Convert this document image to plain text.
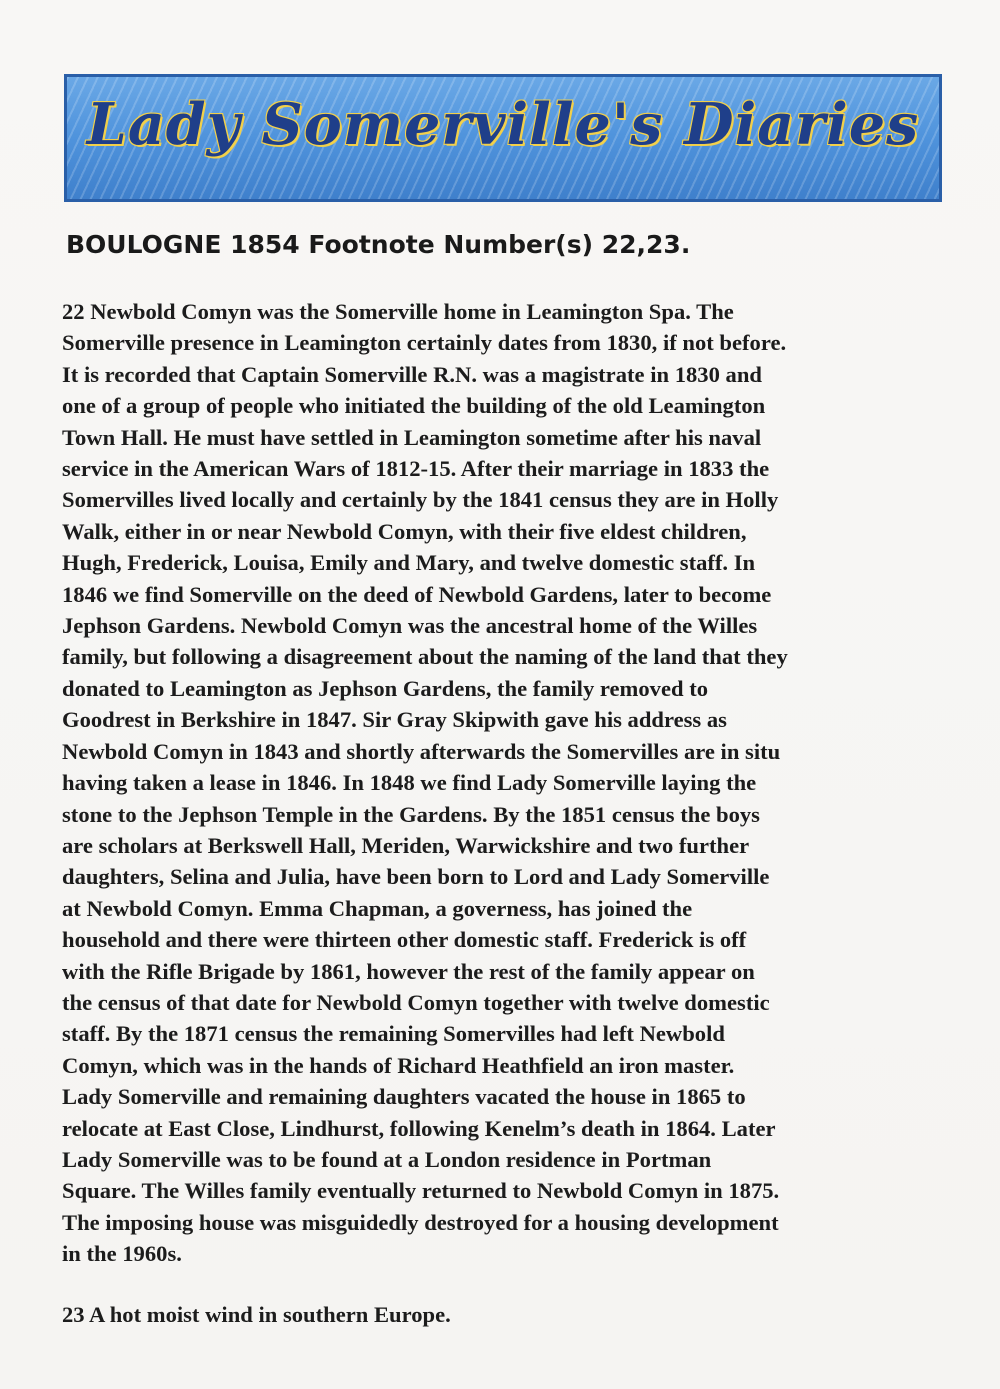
Lady Somerville's Diaries
BOULOGNE 1854 Footnote Number(s) 22,23.

22 Newbold Comyn was the Somerville home in Leamington Spa. The
Somerville presence in Leamington certainly dates from 1830, if not before.
It is recorded that Captain Somerville R.N. was a magistrate in 1830 and
one of a group of people who initiated the building of the old Leamington
Town Hall. He must have settled in Leamington sometime after his naval
service in the American Wars of 1812-15. After their marriage in 1833 the
Somervilles lived locally and certainly by the 1841 census they are in Holly
Walk, either in or near Newbold Comyn, with their five eldest children,
Hugh, Frederick, Louisa, Emily and Mary, and twelve domestic staff. In
1846 we find Somerville on the deed of Newbold Gardens, later to become
Jephson Gardens. Newbold Comyn was the ancestral home of the Willes
family, but following a disagreement about the naming of the land that they
donated to Leamington as Jephson Gardens, the family removed to
Goodrest in Berkshire in 1847. Sir Gray Skipwith gave his address as
Newbold Comyn in 1843 and shortly afterwards the Somervilles are in situ
having taken a lease in 1846. In 1848 we find Lady Somerville laying the
stone to the Jephson Temple in the Gardens. By the 1851 census the boys
are scholars at Berkswell Hall, Meriden, Warwickshire and two further
daughters, Selina and Julia, have been born to Lord and Lady Somerville
at Newbold Comyn. Emma Chapman, a governess, has joined the
household and there were thirteen other domestic staff. Frederick is off
with the Rifle Brigade by 1861, however the rest of the family appear on
the census of that date for Newbold Comyn together with twelve domestic
staff. By the 1871 census the remaining Somervilles had left Newbold
Comyn, which was in the hands of Richard Heathfield an iron master.
Lady Somerville and remaining daughters vacated the house in 1865 to
relocate at East Close, Lindhurst, following Kenelm’s death in 1864. Later
Lady Somerville was to be found at a London residence in Portman
Square. The Willes family eventually returned to Newbold Comyn in 1875.
The imposing house was misguidedly destroyed for a housing development
in the 1960s.

23 A hot moist wind in southern Europe.
